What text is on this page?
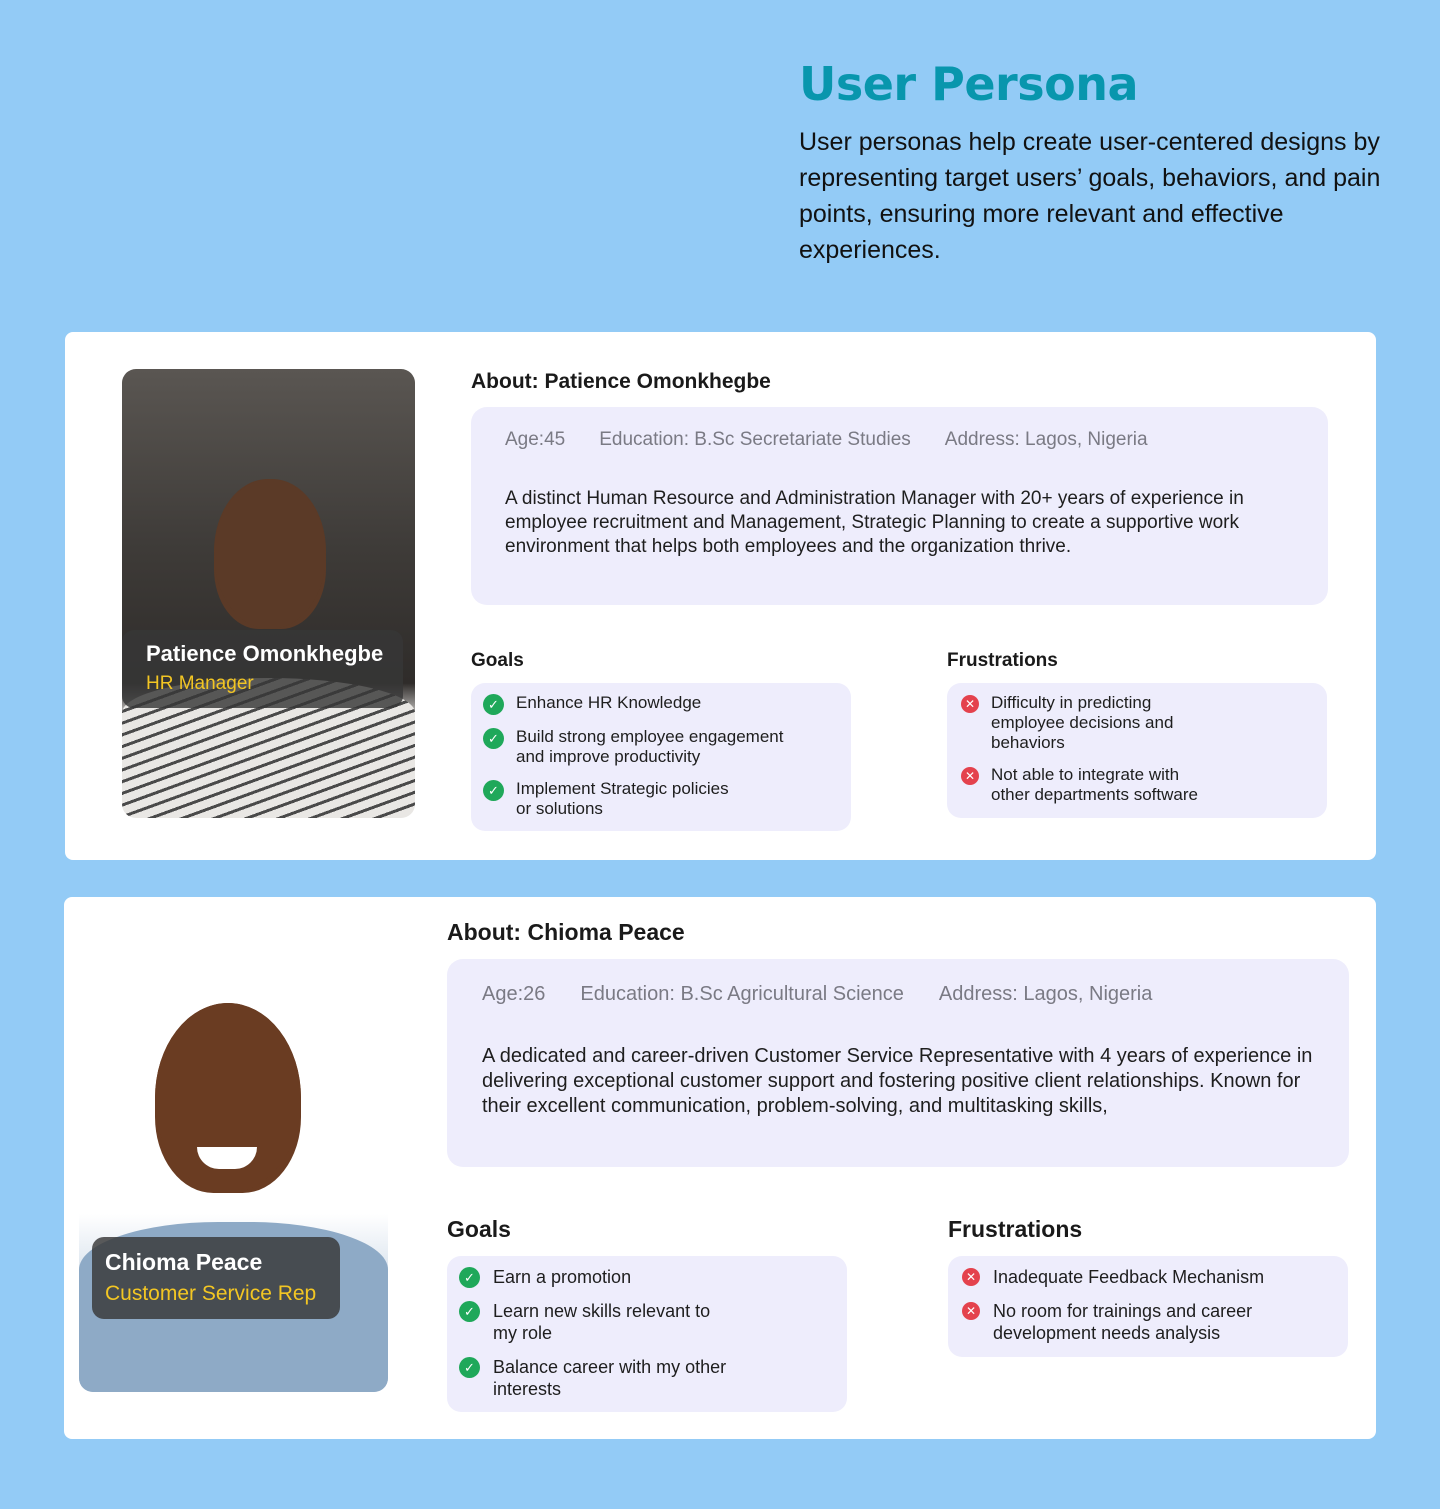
User Persona

User personas help create user-centered designs by representing target users’ goals, behaviors, and pain points, ensuring more relevant and effective experiences.

Patience Omonkhegbe
HR Manager
About: Patience Omonkhegbe
Age:45 Education: B.Sc Secretariate Studies Address: Lagos, Nigeria
A distinct Human Resource and Administration Manager with 20+ years of experience in employee recruitment and Management, Strategic Planning to create a supportive work environment that helps both employees and the organization thrive.
Goals
✓ Enhance HR Knowledge
✓ Build strong employee engagement
and improve productivity
✓ Implement Strategic policies
or solutions
Frustrations
✕ Difficulty in predicting
employee decisions and
behaviors
✕ Not able to integrate with
other departments software
Chioma Peace
Customer Service Rep
About: Chioma Peace
Age:26 Education: B.Sc Agricultural Science Address: Lagos, Nigeria
A dedicated and career-driven Customer Service Representative with 4 years of experience in delivering exceptional customer support and fostering positive client relationships. Known for their excellent communication, problem-solving, and multitasking skills,
Goals
✓ Earn a promotion
✓ Learn new skills relevant to
my role
✓ Balance career with my other
interests
Frustrations
✕ Inadequate Feedback Mechanism
✕ No room for trainings and career
development needs analysis
